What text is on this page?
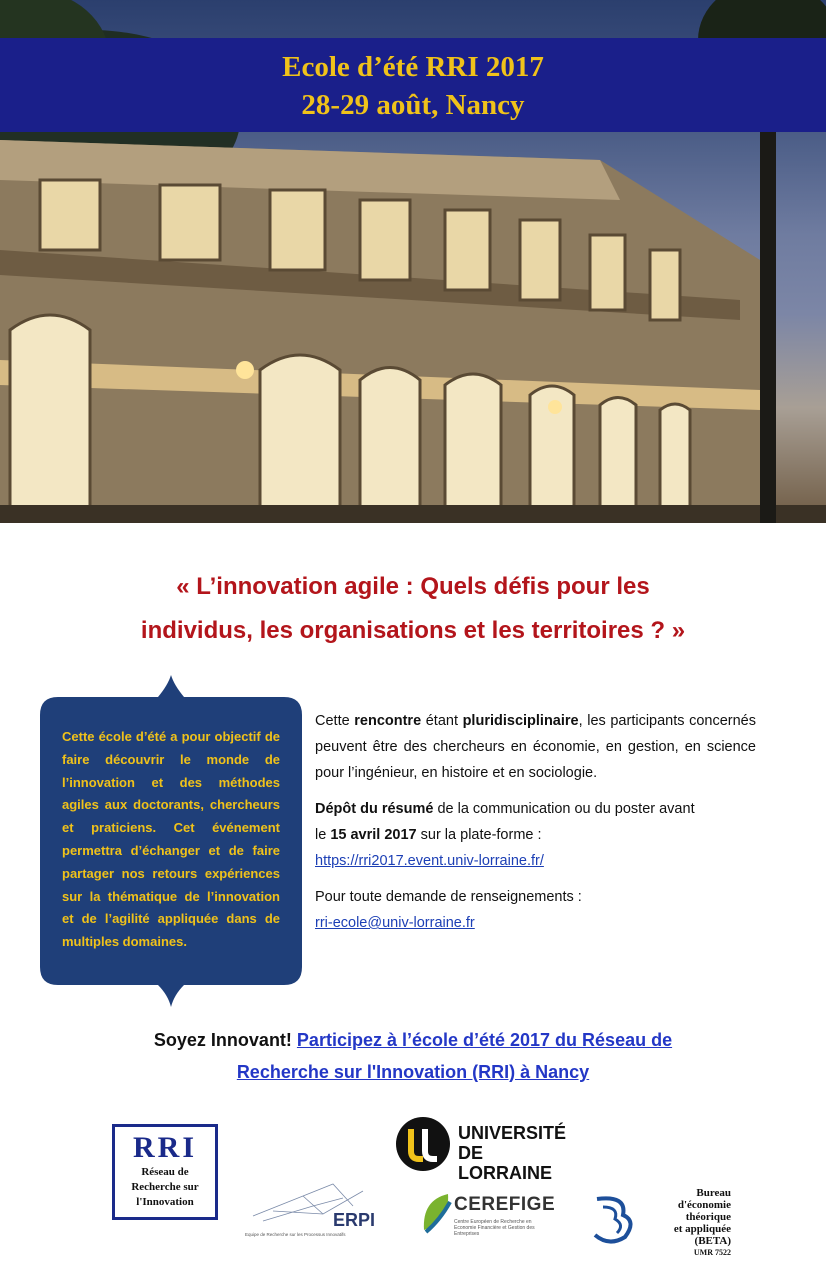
Ecole d’été RRI 2017
28-29 août, Nancy
« L’innovation agile : Quels défis pour les
individus, les organisations et les territoires ? »
Cette école d’été a pour objectif de faire découvrir le monde de l’innovation et des méthodes agiles aux doctorants, chercheurs et praticiens. Cet événement permettra d’échanger et de faire partager nos retours expériences sur la thématique de l’innovation et de l’agilité appliquée dans de multiples domaines.

Cette rencontre étant pluridisciplinaire, les participants concernés peuvent être des chercheurs en économie, en gestion, en science pour l’ingénieur, en histoire et en sociologie.

Dépôt du résumé de la communication ou du poster avant
le 15 avril 2017 sur la plate-forme :
https://rri2017.event.univ-lorraine.fr/

Pour toute demande de renseignements :
rri-ecole@univ-lorraine.fr

Soyez Innovant! Participez à l’école d’été 2017 du Réseau de
Recherche sur l'Innovation (RRI) à Nancy
RRI
Réseau de
Recherche sur
l'Innovation
UNIVERSITÉ
DE LORRAINE
ERPI
Equipe de Recherche sur les Processus Innovatifs
CEREFIGE
Centre Européen de Recherche en Economie Financière et Gestion des Entreprises
Bureau
d'économie
théorique
et appliquée
(BETA)
UMR 7522
